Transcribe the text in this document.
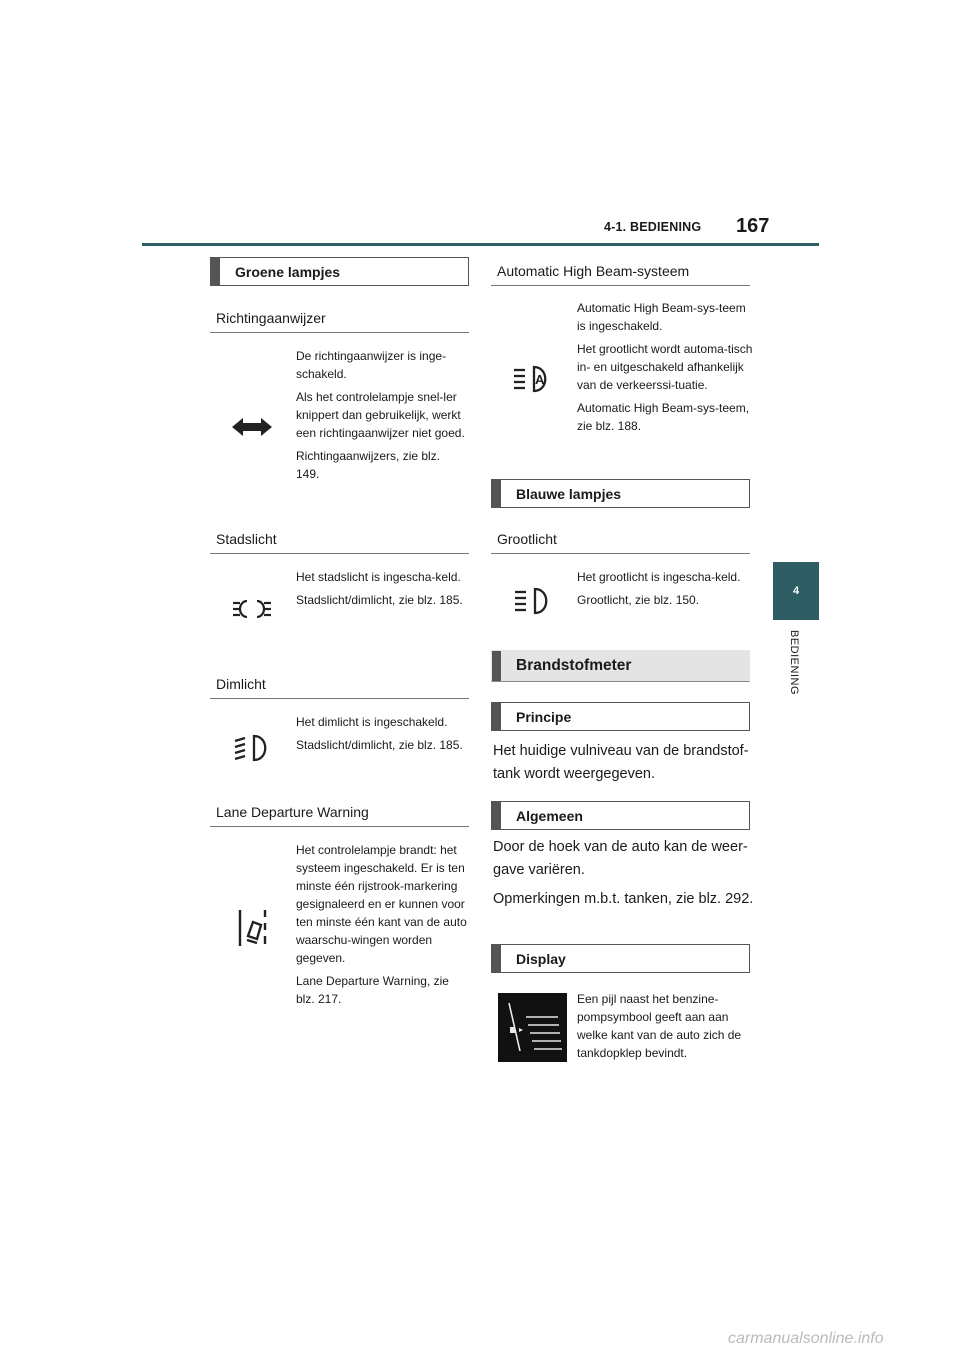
4-1. BEDIENING 167
4
BEDIENING
Groene lampjes
Richtingaanwijzer

De richtingaanwijzer is inge-schakeld.

Als het controlelampje snel-ler knippert dan gebruikelijk, werkt een richtingaanwijzer niet goed.

Richtingaanwijzers, zie blz. 149.

Stadslicht

Het stadslicht is ingescha-keld.

Stadslicht/dimlicht, zie blz. 185.

Dimlicht

Het dimlicht is ingeschakeld.

Stadslicht/dimlicht, zie blz. 185.

Lane Departure Warning

Het controlelampje brandt: het systeem ingeschakeld. Er is ten minste één rijstrook-markering gesignaleerd en er kunnen voor ten minste één kant van de auto waarschu-wingen worden gegeven.

Lane Departure Warning, zie blz. 217.

Automatic High Beam-systeem
A

Automatic High Beam-sys-teem is ingeschakeld.

Het grootlicht wordt automa-tisch in- en uitgeschakeld afhankelijk van de verkeerssi-tuatie.

Automatic High Beam-sys-teem, zie blz. 188.

Blauwe lampjes
Grootlicht

Het grootlicht is ingescha-keld.

Grootlicht, zie blz. 150.

Brandstofmeter
Principe

Het huidige vulniveau van de brandstof-tank wordt weergegeven.

Algemeen

Door de hoek van de auto kan de weer-gave variëren.

Opmerkingen m.b.t. tanken, zie blz. 292.

Display

Een pijl naast het benzine-pompsymbool geeft aan aan welke kant van de auto zich de tankdopklep bevindt.

carmanualsonline.info
